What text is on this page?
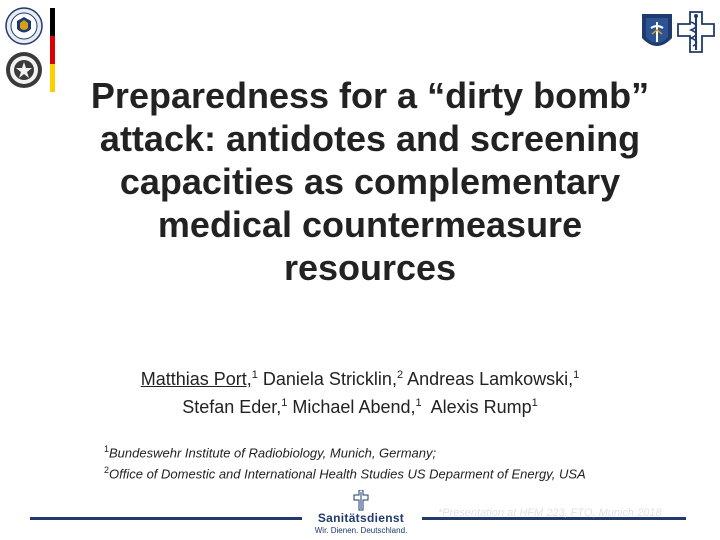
Preparedness for a “dirty bomb” attack: antidotes and screening capacities as complementary medical countermeasure resources
Matthias Port,$^1$ Daniela Stricklin,$^2$ Andreas Lamkowski,$^1$
Stefan Eder,$^1$ Michael Abend,$^1$  Alexis Rump$^1$
$^1$Bundeswehr Institute of Radiobiology, Munich, Germany;
$^2$Office of Domestic and International Health Studies US Deparment of Energy, USA
Sanitätsdienst
Wir. Dienen. Deutschland.
*Presentation at HFM 223, FTO, Munich 2018
